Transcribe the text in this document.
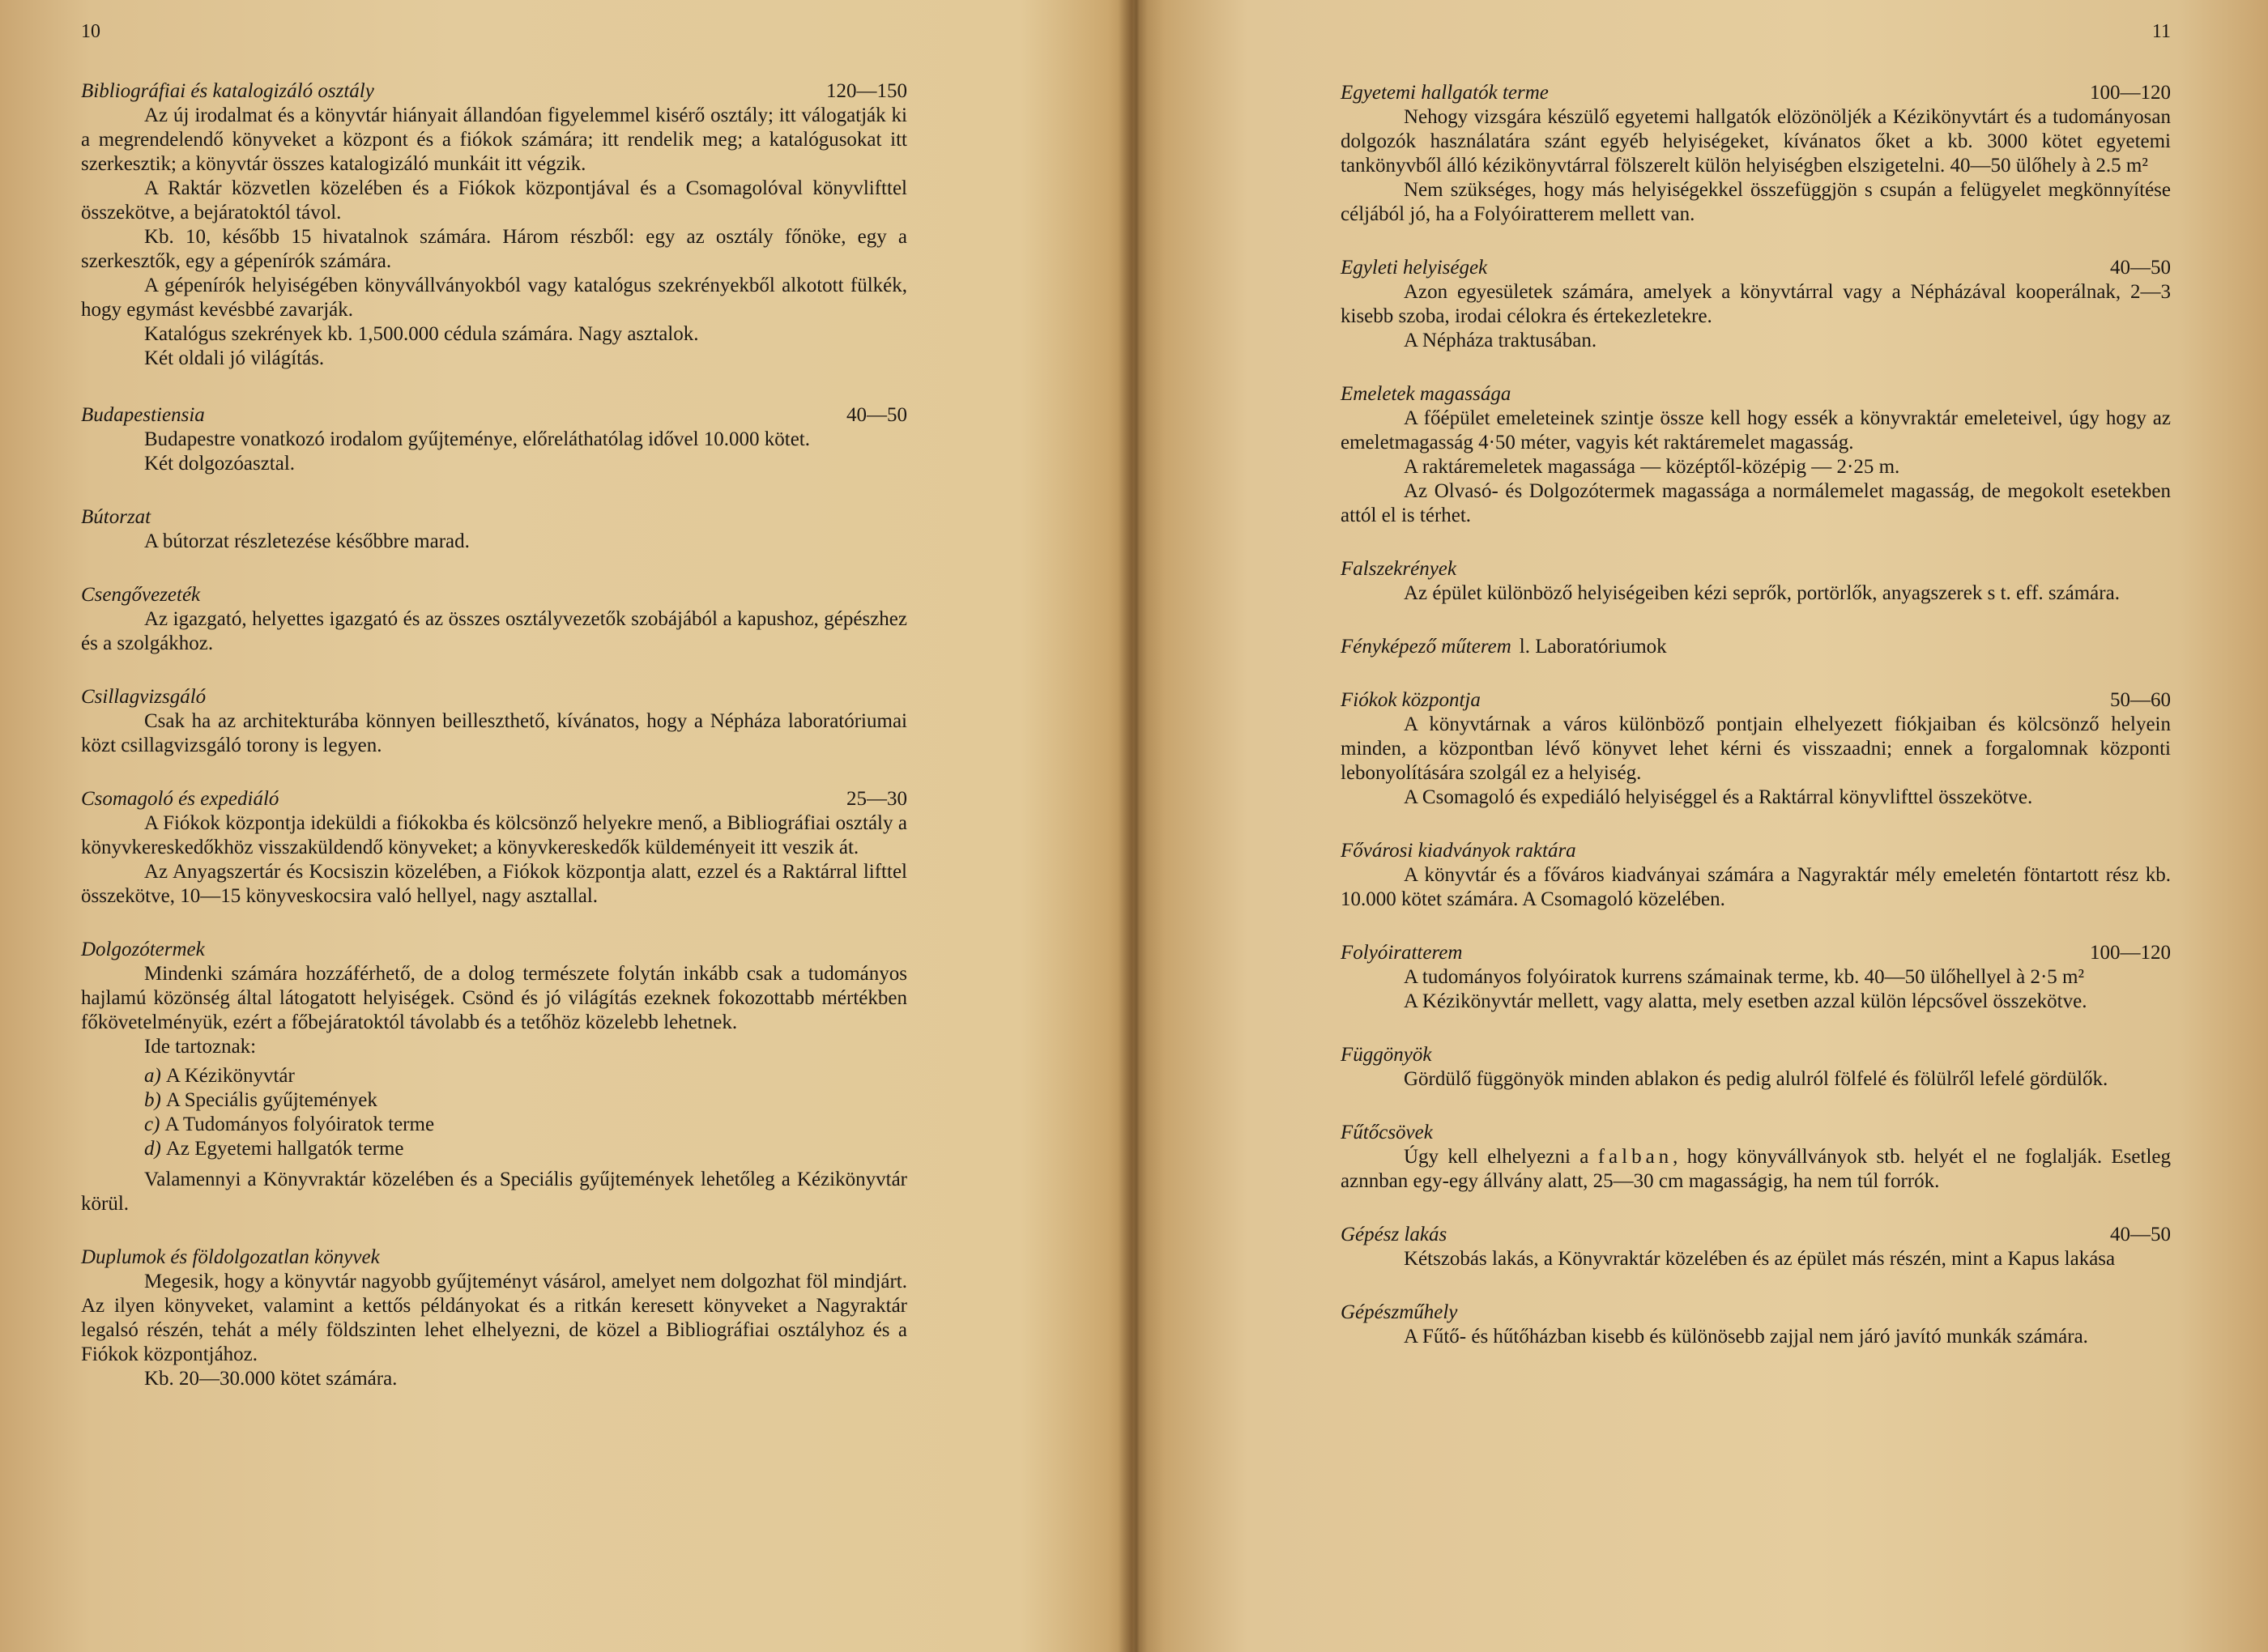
10
Bibliográfiai és katalogizáló osztály	120—150

Az új irodalmat és a könyvtár hiányait állandóan figyelemmel kisérő osztály; itt válogatják ki a megrendelendő könyveket a központ és a fiókok számára; itt rendelik meg; a katalógusokat itt szerkesztik; a könyvtár összes katalogizáló munkáit itt végzik.

A Raktár közvetlen közelében és a Fiókok központjával és a Csomagolóval könyvlifttel összekötve, a bejáratoktól távol.

Kb. 10, később 15 hivatalnok számára. Három részből: egy az osztály főnöke, egy a szerkesztők, egy a gépenírók számára.

A gépenírók helyiségében könyvállványokból vagy katalógus szekrényekből alkotott fülkék, hogy egymást kevésbbé zavarják.

Katalógus szekrények kb. 1,500.000 cédula számára. Nagy asztalok.

Két oldali jó világítás.

Budapestiensia	40—50

Budapestre vonatkozó irodalom gyűjteménye, előreláthatólag idővel 10.000 kötet.

Két dolgozóasztal.

Bútorzat

A bútorzat részletezése későbbre marad.

Csengővezeték

Az igazgató, helyettes igazgató és az összes osztályvezetők szobájából a kapushoz, gépészhez és a szolgákhoz.

Csillagvizsgáló

Csak ha az architekturába könnyen beilleszthető, kívánatos, hogy a Népháza laboratóriumai közt csillagvizsgáló torony is legyen.

Csomagoló és expediáló	25—30

A Fiókok központja ideküldi a fiókokba és kölcsönző helyekre menő, a Bibliográfiai osztály a könyvkereskedőkhöz visszaküldendő könyveket; a könyvkereskedők küldeményeit itt veszik át.

Az Anyagszertár és Kocsiszin közelében, a Fiókok központja alatt, ezzel és a Raktárral lifttel összekötve, 10—15 könyveskocsira való hellyel, nagy asztallal.

Dolgozótermek

Mindenki számára hozzáférhető, de a dolog természete folytán inkább csak a tudományos hajlamú közönség által látogatott helyiségek. Csönd és jó világítás ezeknek fokozottabb mértékben főkövetelményük, ezért a főbejáratoktól távolabb és a tetőhöz közelebb lehetnek.

Ide tartoznak:

a) A Kézikönyvtár
b) A Speciális gyűjtemények
c) A Tudományos folyóiratok terme
d) Az Egyetemi hallgatók terme

Valamennyi a Könyvraktár közelében és a Speciális gyűjtemények lehetőleg a Kézikönyvtár körül.

Duplumok és földolgozatlan könyvek

Megesik, hogy a könyvtár nagyobb gyűjteményt vásárol, amelyet nem dolgozhat föl mindjárt. Az ilyen könyveket, valamint a kettős példányokat és a ritkán keresett könyveket a Nagyraktár legalsó részén, tehát a mély földszinten lehet elhelyezni, de közel a Bibliográfiai osztályhoz és a Fiókok központjához.

Kb. 20—30.000 kötet számára.

11
Egyetemi hallgatók terme	100—120

Nehogy vizsgára készülő egyetemi hallgatók elözönöljék a Kézikönyvtárt és a tudományosan dolgozók használatára szánt egyéb helyiségeket, kívánatos őket a kb. 3000 kötet egyetemi tankönyvből álló kézikönyvtárral fölszerelt külön helyiségben elszigetelni. 40—50 ülőhely à 2.5 m²

Nem szükséges, hogy más helyiségekkel összefüggjön s csupán a felügyelet megkönnyítése céljából jó, ha a Folyóiratterem mellett van.

Egyleti helyiségek	40—50

Azon egyesületek számára, amelyek a könyvtárral vagy a Népházával kooperálnak, 2—3 kisebb szoba, irodai célokra és értekezletekre.

A Népháza traktusában.

Emeletek magassága

A főépület emeleteinek szintje össze kell hogy essék a könyvraktár emeleteivel, úgy hogy az emeletmagasság 4·50 méter, vagyis két raktáremelet magasság.

A raktáremeletek magassága — középtől-középig — 2·25 m.

Az Olvasó- és Dolgozótermek magassága a normálemelet magasság, de megokolt esetekben attól el is térhet.

Falszekrények

Az épület különböző helyiségeiben kézi seprők, portörlők, anyagszerek s t. eff. számára.

Fényképező műterem l. Laboratóriumok
Fiókok központja	50—60

A könyvtárnak a város különböző pontjain elhelyezett fiókjaiban és kölcsönző helyein minden, a központban lévő könyvet lehet kérni és visszaadni; ennek a forgalomnak központi lebonyolítására szolgál ez a helyiség.

A Csomagoló és expediáló helyiséggel és a Raktárral könyvlifttel összekötve.

Fővárosi kiadványok raktára

A könyvtár és a főváros kiadványai számára a Nagyraktár mély emeletén föntartott rész kb. 10.000 kötet számára. A Csomagoló közelében.

Folyóiratterem	100—120

A tudományos folyóiratok kurrens számainak terme, kb. 40—50 ülőhellyel à 2·5 m²

A Kézikönyvtár mellett, vagy alatta, mely esetben azzal külön lépcsővel összekötve.

Függönyök

Gördülő függönyök minden ablakon és pedig alulról fölfelé és fölülről lefelé gördülők.

Fűtőcsövek

Úgy kell elhelyezni a falban, hogy könyvállványok stb. helyét el ne foglalják. Esetleg aznnban egy-egy állvány alatt, 25—30 cm magasságig, ha nem túl forrók.

Gépész lakás	40—50

Kétszobás lakás, a Könyvraktár közelében és az épület más részén, mint a Kapus lakása

Gépészműhely

A Fűtő- és hűtőházban kisebb és különösebb zajjal nem járó javító munkák számára.
